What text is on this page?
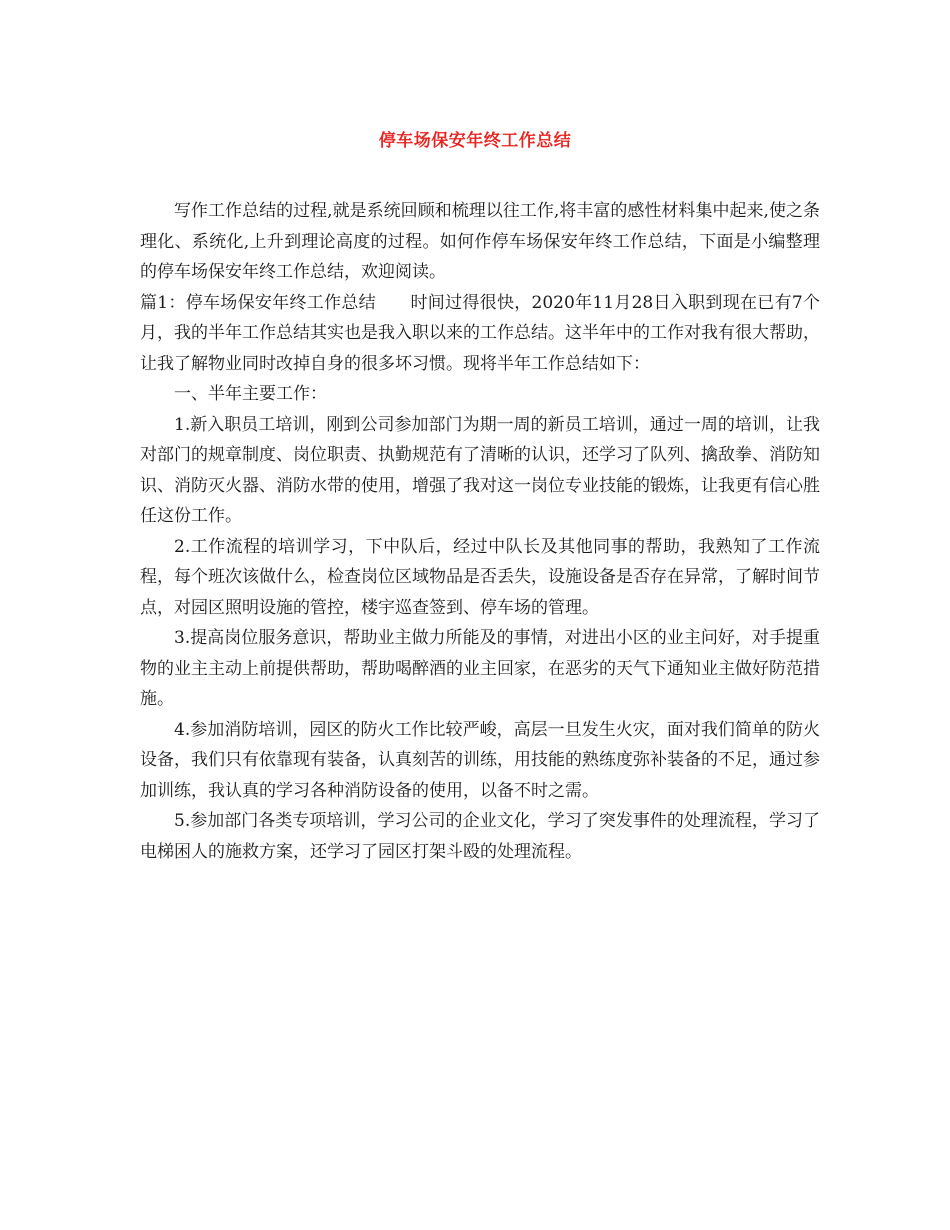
停车场保安年终工作总结

写作工作总结的过程,就是系统回顾和梳理以往工作,将丰富的感性材料集中起来,使之条理化、系统化,上升到理论高度的过程。如何作停车场保安年终工作总结，下面是小编整理的停车场保安年终工作总结，欢迎阅读。

篇1：停车场保安年终工作总结　　时间过得很快，2020年11月28日入职到现在已有7个月，我的半年工作总结其实也是我入职以来的工作总结。这半年中的工作对我有很大帮助，让我了解物业同时改掉自身的很多坏习惯。现将半年工作总结如下：

一、半年主要工作：

1.新入职员工培训，刚到公司参加部门为期一周的新员工培训，通过一周的培训，让我对部门的规章制度、岗位职责、执勤规范有了清晰的认识，还学习了队列、擒敌拳、消防知识、消防灭火器、消防水带的使用，增强了我对这一岗位专业技能的锻炼，让我更有信心胜任这份工作。

2.工作流程的培训学习，下中队后，经过中队长及其他同事的帮助，我熟知了工作流程，每个班次该做什么，检查岗位区域物品是否丢失，设施设备是否存在异常，了解时间节点，对园区照明设施的管控，楼宇巡查签到、停车场的管理。

3.提高岗位服务意识，帮助业主做力所能及的事情，对进出小区的业主问好，对手提重物的业主主动上前提供帮助，帮助喝醉酒的业主回家，在恶劣的天气下通知业主做好防范措施。

4.参加消防培训，园区的防火工作比较严峻，高层一旦发生火灾，面对我们简单的防火设备，我们只有依靠现有装备，认真刻苦的训练，用技能的熟练度弥补装备的不足，通过参加训练，我认真的学习各种消防设备的使用，以备不时之需。

5.参加部门各类专项培训，学习公司的企业文化，学习了突发事件的处理流程，学习了电梯困人的施救方案，还学习了园区打架斗殴的处理流程。
